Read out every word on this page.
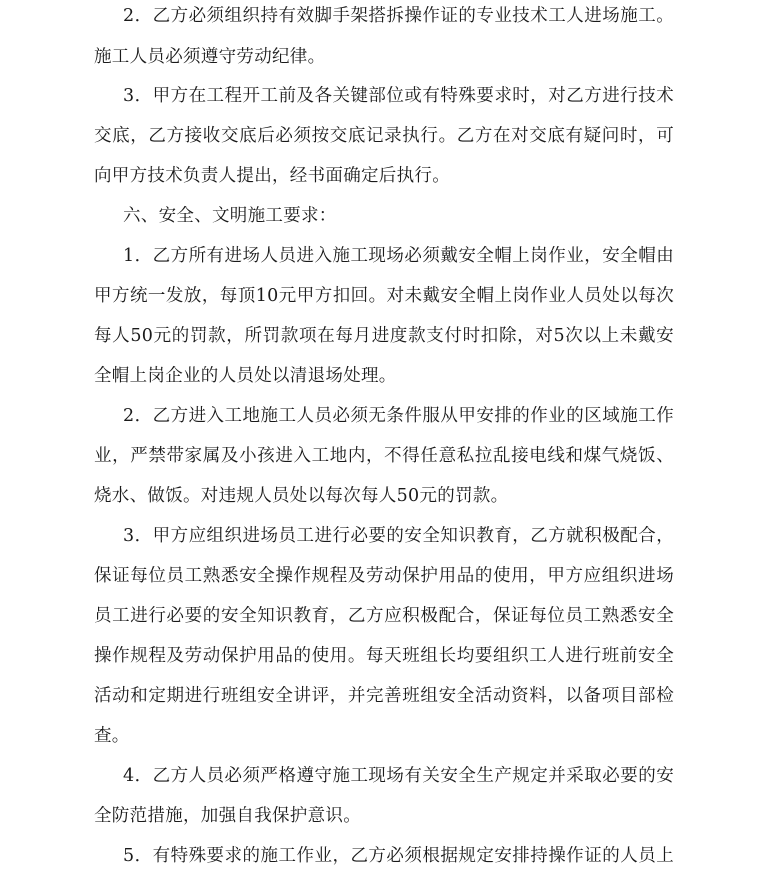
2．乙方必须组织持有效脚手架搭拆操作证的专业技术工人进场施工。
施工人员必须遵守劳动纪律。
3．甲方在工程开工前及各关键部位或有特殊要求时，对乙方进行技术
交底，乙方接收交底后必须按交底记录执行。乙方在对交底有疑问时，可
向甲方技术负责人提出，经书面确定后执行。
六、安全、文明施工要求：
1．乙方所有进场人员进入施工现场必须戴安全帽上岗作业，安全帽由
甲方统一发放，每顶10元甲方扣回。对未戴安全帽上岗作业人员处以每次
每人50元的罚款，所罚款项在每月进度款支付时扣除，对5次以上未戴安
全帽上岗企业的人员处以清退场处理。
2．乙方进入工地施工人员必须无条件服从甲安排的作业的区域施工作
业，严禁带家属及小孩进入工地内，不得任意私拉乱接电线和煤气烧饭、
烧水、做饭。对违规人员处以每次每人50元的罚款。
3．甲方应组织进场员工进行必要的安全知识教育，乙方就积极配合，
保证每位员工熟悉安全操作规程及劳动保护用品的使用，甲方应组织进场
员工进行必要的安全知识教育，乙方应积极配合，保证每位员工熟悉安全
操作规程及劳动保护用品的使用。每天班组长均要组织工人进行班前安全
活动和定期进行班组安全讲评，并完善班组安全活动资料，以备项目部检
查。
4．乙方人员必须严格遵守施工现场有关安全生产规定并采取必要的安
全防范措施，加强自我保护意识。
5．有特殊要求的施工作业，乙方必须根据规定安排持操作证的人员上
